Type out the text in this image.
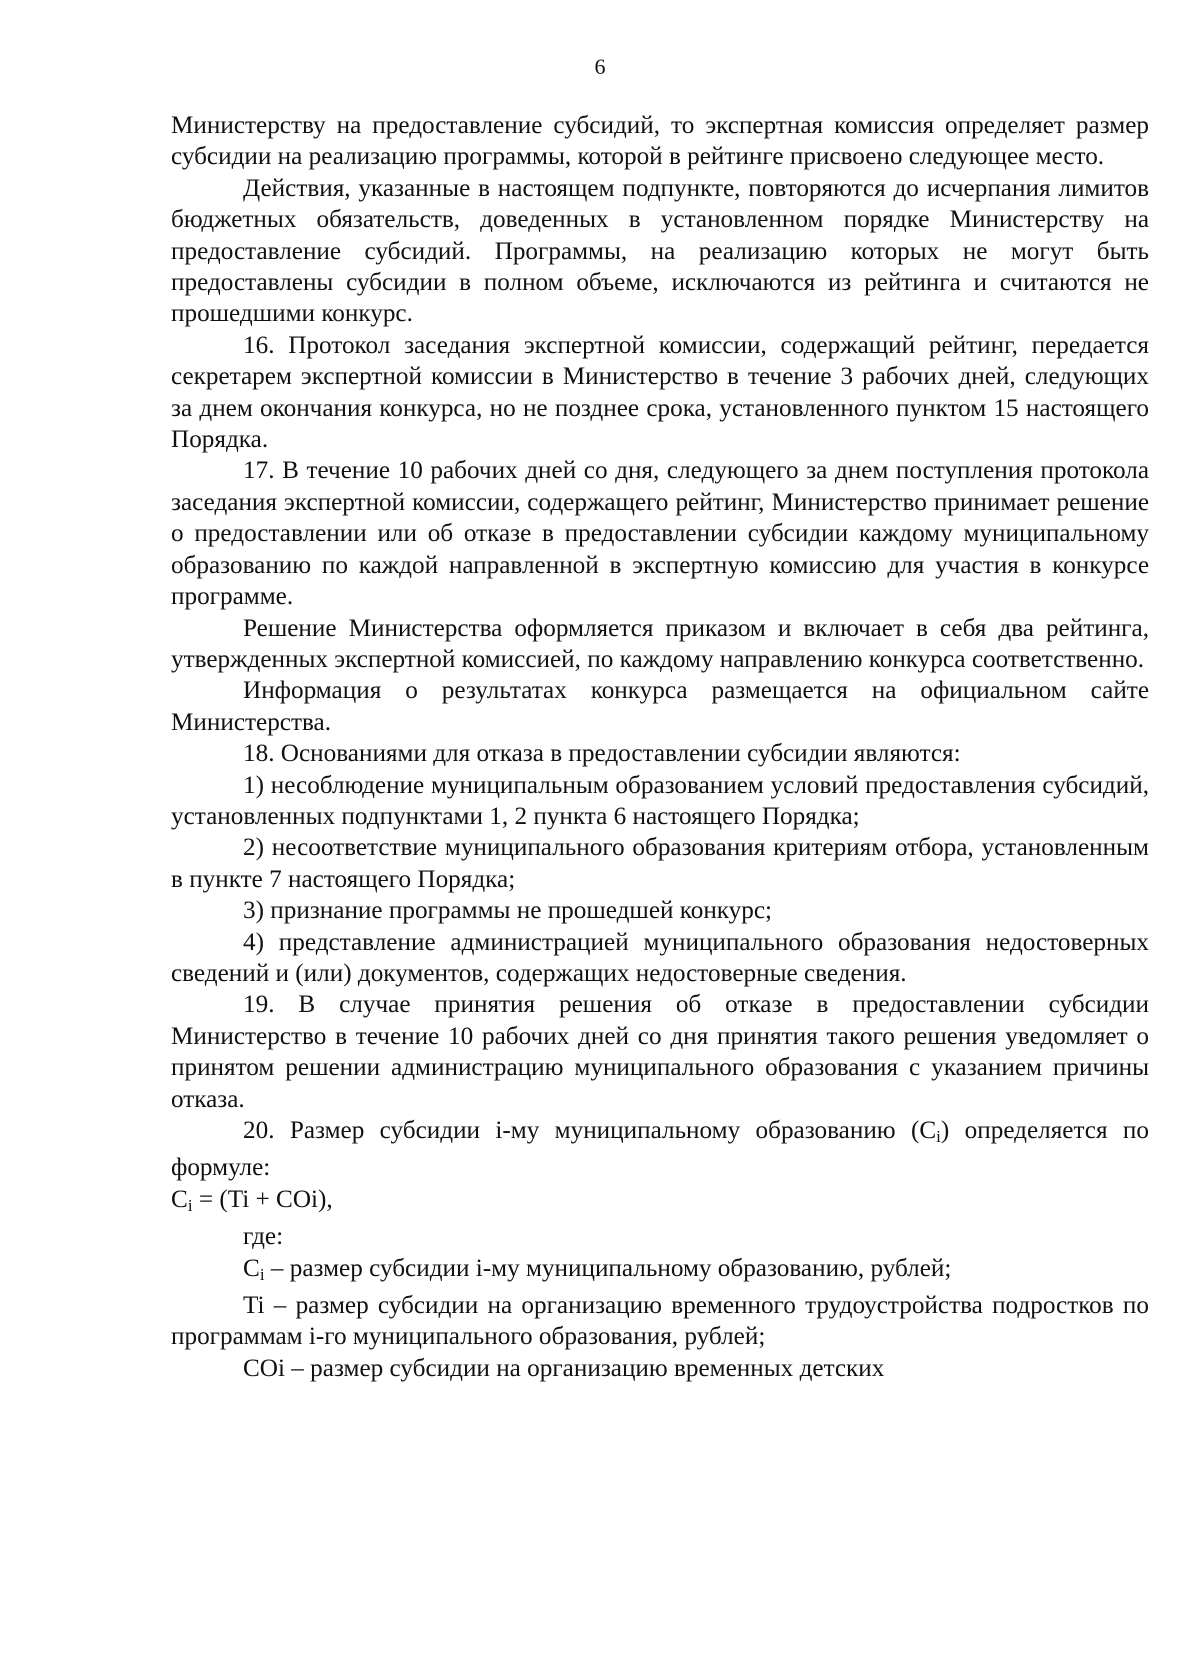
6

Министерству на предоставление субсидий, то экспертная комиссия определяет размер субсидии на реализацию программы, которой в рейтинге присвоено следующее место.

Действия, указанные в настоящем подпункте, повторяются до исчерпания лимитов бюджетных обязательств, доведенных в установленном порядке Министерству на предоставление субсидий. Программы, на реализацию которых не могут быть предоставлены субсидии в полном объеме, исключаются из рейтинга и считаются не прошедшими конкурс.

16. Протокол заседания экспертной комиссии, содержащий рейтинг, передается секретарем экспертной комиссии в Министерство в течение 3 рабочих дней, следующих за днем окончания конкурса, но не позднее срока, установленного пунктом 15 настоящего Порядка.

17. В течение 10 рабочих дней со дня, следующего за днем поступления протокола заседания экспертной комиссии, содержащего рейтинг, Министерство принимает решение о предоставлении или об отказе в предоставлении субсидии каждому муниципальному образованию по каждой направленной в экспертную комиссию для участия в конкурсе программе.

Решение Министерства оформляется приказом и включает в себя два рейтинга, утвержденных экспертной комиссией, по каждому направлению конкурса соответственно.

Информация о результатах конкурса размещается на официальном сайте Министерства.

18. Основаниями для отказа в предоставлении субсидии являются:

1) несоблюдение муниципальным образованием условий предоставления субсидий, установленных подпунктами 1, 2 пункта 6 настоящего Порядка;

2) несоответствие муниципального образования критериям отбора, установленным в пункте 7 настоящего Порядка;

3) признание программы не прошедшей конкурс;

4) представление администрацией муниципального образования недостоверных сведений и (или) документов, содержащих недостоверные сведения.

19. В случае принятия решения об отказе в предоставлении субсидии Министерство в течение 10 рабочих дней со дня принятия такого решения уведомляет о принятом решении администрацию муниципального образования с указанием причины отказа.

20. Размер субсидии i-му муниципальному образованию $(C_i)$ определяется по формуле:

$C_i = (Ti + COi)$,

где:

$C_i$ – размер субсидии i-му муниципальному образованию, рублей;

Ti – размер субсидии на организацию временного трудоустройства подростков по программам i-го муниципального образования, рублей;

COi – размер субсидии на организацию временных детских
